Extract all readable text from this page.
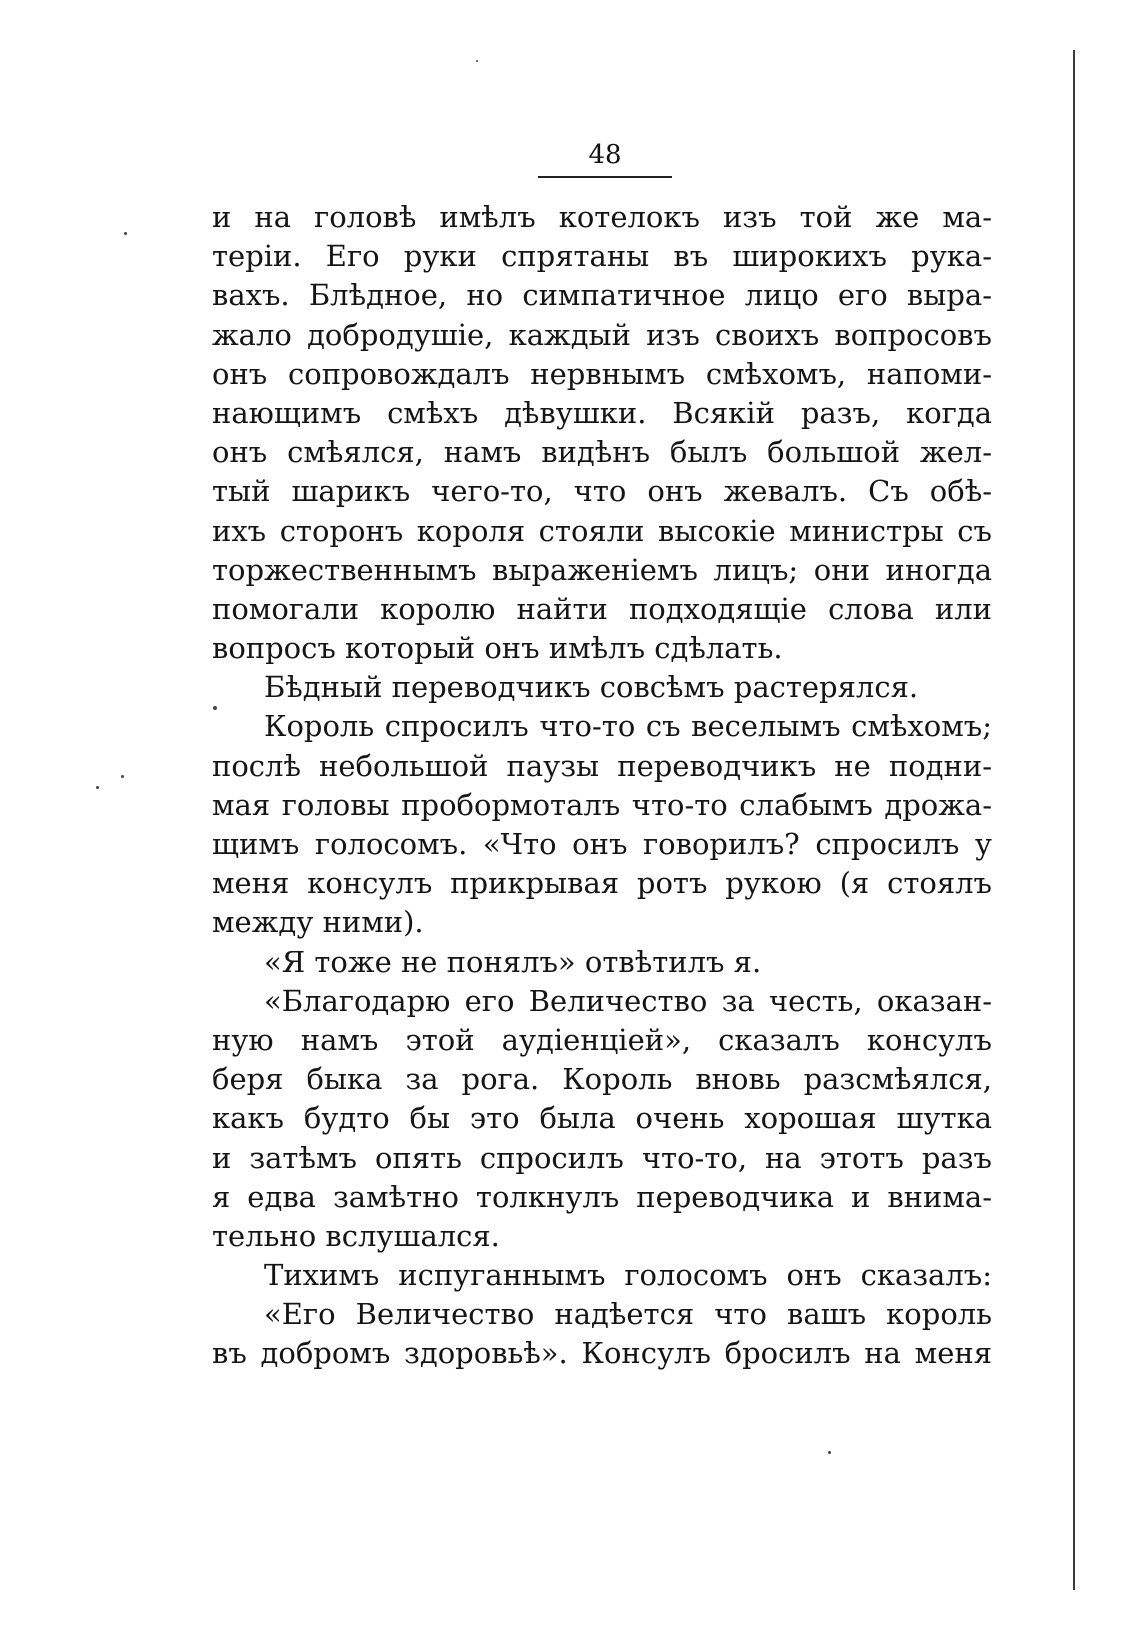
48
и на головѣ имѣлъ котелокъ изъ той же ма-
теріи. Его руки спрятаны въ широкихъ рука-
вахъ. Блѣдное, но симпатичное лицо его выра-
жало добродушіе, каждый изъ своихъ вопросовъ
онъ сопровождалъ нервнымъ смѣхомъ, напоми-
нающимъ смѣхъ дѣвушки. Всякій разъ, когда
онъ смѣялся, намъ видѣнъ былъ большой жел-
тый шарикъ чего-то, что онъ жевалъ. Съ обѣ-
ихъ сторонъ короля стояли высокіе министры съ
торжественнымъ выраженіемъ лицъ; они иногда
помогали королю найти подходящіе слова или
вопросъ который онъ имѣлъ сдѣлать.
Бѣдный переводчикъ совсѣмъ растерялся.
Король спросилъ что-то съ веселымъ смѣхомъ;
послѣ небольшой паузы переводчикъ не подни-
мая головы пробормоталъ что-то слабымъ дрожа-
щимъ голосомъ. «Что онъ говорилъ? спросилъ у
меня консулъ прикрывая ротъ рукою (я стоялъ
между ними).
«Я тоже не понялъ» отвѣтилъ я.
«Благодарю его Величество за честь, оказан-
ную намъ этой аудіенціей», сказалъ консулъ
беря быка за рога. Король вновь разсмѣялся,
какъ будто бы это была очень хорошая шутка
и затѣмъ опять спросилъ что-то, на этотъ разъ
я едва замѣтно толкнулъ переводчика и внима-
тельно вслушался.
Тихимъ испуганнымъ голосомъ онъ сказалъ:
«Его Величество надѣется что вашъ король
въ добромъ здоровьѣ». Консулъ бросилъ на меня
